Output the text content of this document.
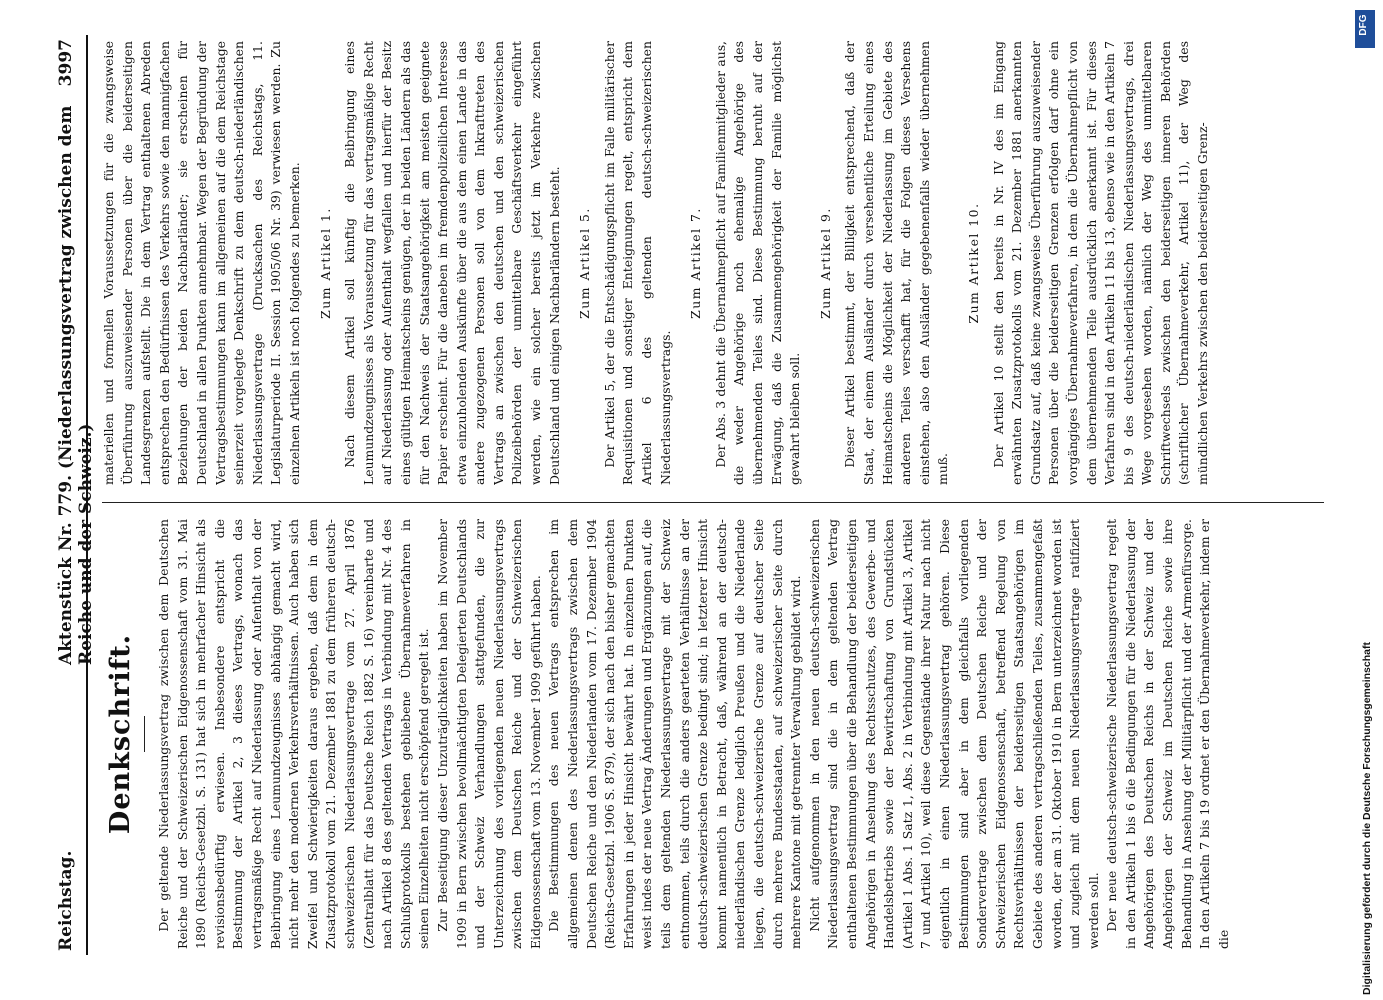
Reichstag.
Aktenstück Nr. 779. (Niederlassungsvertrag zwischen dem Reiche und der Schweiz.)
3997
Denkschrift. Der geltende Niederlassungsvertrag zwischen dem Deutschen Reiche und der Schweizerischen Eidgenossenschaft vom 31. Mai 1890 (Reichs-Gesetzbl. S. 131) hat sich in mehrfacher Hinsicht als revisionsbedürftig erwiesen. Insbesondere entspricht die Bestimmung der Artikel 2, 3 dieses Vertrags, wonach das vertragsmäßige Recht auf Niederlassung oder Aufenthalt von der Beibringung eines Leumundzeugnisses abhängig gemacht wird, nicht mehr den modernen Verkehrsverhältnissen. Auch haben sich Zweifel und Schwierigkeiten daraus ergeben, daß dem in dem Zusatzprotokoll vom 21. Dezember 1881 zu dem früheren deutsch-schweizerischen Niederlassungsvertrage vom 27. April 1876 (Zentralblatt für das Deutsche Reich 1882 S. 16) vereinbarte und nach Artikel 8 des geltenden Vertrags in Verbindung mit Nr. 4 des Schlußprotokolls bestehen gebliebene Übernahmeverfahren in seinen Einzelheiten nicht erschöpfend geregelt ist. Zur Beseitigung dieser Unzuträglichkeiten haben im November 1909 in Bern zwischen bevollmächtigten Delegierten Deutschlands und der Schweiz Verhandlungen stattgefunden, die zur Unterzeichnung des vorliegenden neuen Niederlassungsvertrags zwischen dem Deutschen Reiche und der Schweizerischen Eidgenossenschaft vom 13. November 1909 geführt haben. Die Bestimmungen des neuen Vertrags entsprechen im allgemeinen denen des Niederlassungsvertrags zwischen dem Deutschen Reiche und den Niederlanden vom 17. Dezember 1904 (Reichs-Gesetzbl. 1906 S. 879), der sich nach den bisher gemachten Erfahrungen in jeder Hinsicht bewährt hat. In einzelnen Punkten weist indes der neue Vertrag Änderungen und Ergänzungen auf, die teils dem geltenden Niederlassungsvertrage mit der Schweiz entnommen, teils durch die anders gearteten Verhältnisse an der deutsch-schweizerischen Grenze bedingt sind; in letzterer Hinsicht kommt namentlich in Betracht, daß, während an der deutsch-niederländischen Grenze lediglich Preußen und die Niederlande liegen, die deutsch-schweizerische Grenze auf deutscher Seite durch mehrere Bundesstaaten, auf schweizerischer Seite durch mehrere Kantone mit getrennter Verwaltung gebildet wird. Nicht aufgenommen in den neuen deutsch-schweizerischen Niederlassungsvertrag sind die in dem geltenden Vertrag enthaltenen Bestimmungen über die Behandlung der beiderseitigen Angehörigen in Ansehung des Rechtsschutzes, des Gewerbe- und Handelsbetriebs sowie der Bewirtschaftung von Grundstücken (Artikel 1 Abs. 1 Satz 1, Abs. 2 in Verbindung mit Artikel 3, Artikel 7 und Artikel 10), weil diese Gegenstände ihrer Natur nach nicht eigentlich in einen Niederlassungsvertrag gehören. Diese Bestimmungen sind aber in dem gleichfalls vorliegenden Sondervertrage zwischen dem Deutschen Reiche und der Schweizerischen Eidgenossenschaft, betreffend Regelung von Rechtsverhältnissen der beiderseitigen Staatsangehörigen im Gebiete des anderen vertragschließenden Teiles, zusammengefaßt worden, der am 31. Oktober 1910 in Bern unterzeichnet worden ist und zugleich mit dem neuen Niederlassungsvertrage ratifiziert werden soll. Der neue deutsch-schweizerische Niederlassungsvertrag regelt in den Artikeln 1 bis 6 die Bedingungen für die Niederlassung der Angehörigen des Deutschen Reichs in der Schweiz und der Angehörigen der Schweiz im Deutschen Reiche sowie ihre Behandlung in Ansehung der Militärpflicht und der Armenfürsorge. In den Artikeln 7 bis 19 ordnet er den Übernahmeverkehr, indem er die

materiellen und formellen Voraussetzungen für die zwangsweise Überführung auszuweisender Personen über die beiderseitigen Landesgrenzen aufstellt. Die in dem Vertrag enthaltenen Abreden entsprechen den Bedürfnissen des Verkehrs sowie den mannigfachen Beziehungen der beiden Nachbarländer; sie erscheinen für Deutschland in allen Punkten annehmbar. Wegen der Begründung der Vertragsbestimmungen kann im allgemeinen auf die dem Reichstage seinerzeit vorgelegte Denkschrift zu dem deutsch-niederländischen Niederlassungsvertrage (Drucksachen des Reichstags, 11. Legislaturperiode II. Session 1905/06 Nr. 39) verwiesen werden. Zu einzelnen Artikeln ist noch folgendes zu bemerken. Zum Artikel 1. Nach diesem Artikel soll künftig die Beibringung eines Leumundzeugnisses als Voraussetzung für das vertragsmäßige Recht auf Niederlassung oder Aufenthalt wegfallen und hierfür der Besitz eines gültigen Heimatscheins genügen, der in beiden Ländern als das für den Nachweis der Staatsangehörigkeit am meisten geeignete Papier erscheint. Für die daneben im fremdenpolizeilichen Interesse etwa einzuholenden Auskünfte über die aus dem einen Lande in das andere zugezogenen Personen soll von dem Inkrafttreten des Vertrags an zwischen den deutschen und den schweizerischen Polizeibehörden der unmittelbare Geschäftsverkehr eingeführt werden, wie ein solcher bereits jetzt im Verkehre zwischen Deutschland und einigen Nachbarländern besteht. Zum Artikel 5. Der Artikel 5, der die Entschädigungspflicht im Falle militärischer Requisitionen und sonstiger Enteignungen regelt, entspricht dem Artikel 6 des geltenden deutsch-schweizerischen Niederlassungsvertrags.

Zum Artikel 7. Der Abs. 3 dehnt die Übernahmepflicht auf Familienmitglieder aus, die weder Angehörige noch ehemalige Angehörige des übernehmenden Teiles sind. Diese Bestimmung beruht auf der Erwägung, daß die Zusammengehörigkeit der Familie möglichst gewahrt bleiben soll.

Zum Artikel 9. Dieser Artikel bestimmt, der Billigkeit entsprechend, daß der Staat, der einem Ausländer durch versehentliche Erteilung eines Heimatscheins die Möglichkeit der Niederlassung im Gebiete des anderen Teiles verschafft hat, für die Folgen dieses Versehens einstehen, also den Ausländer gegebenenfalls wieder übernehmen muß.

Zum Artikel 10. Der Artikel 10 stellt den bereits in Nr. IV des im Eingang erwähnten Zusatzprotokolls vom 21. Dezember 1881 anerkannten Grundsatz auf, daß keine zwangsweise Überführung auszuweisender Personen über die beiderseitigen Grenzen erfolgen darf ohne ein vorgängiges Übernahmeverfahren, in dem die Übernahmepflicht von dem übernehmenden Teile ausdrücklich anerkannt ist. Für dieses Verfahren sind in den Artikeln 11 bis 13, ebenso wie in den Artikeln 7 bis 9 des deutsch-niederländischen Niederlassungsvertrags, drei Wege vorgesehen worden, nämlich der Weg des unmittelbaren Schriftwechsels zwischen den beiderseitigen inneren Behörden (schriftlicher Übernahmeverkehr, Artikel 11), der Weg des mündlichen Verkehrs zwischen den beiderseitigen Grenz-

DFG
Digitalisierung gefördert durch die Deutsche Forschungsgemeinschaft
